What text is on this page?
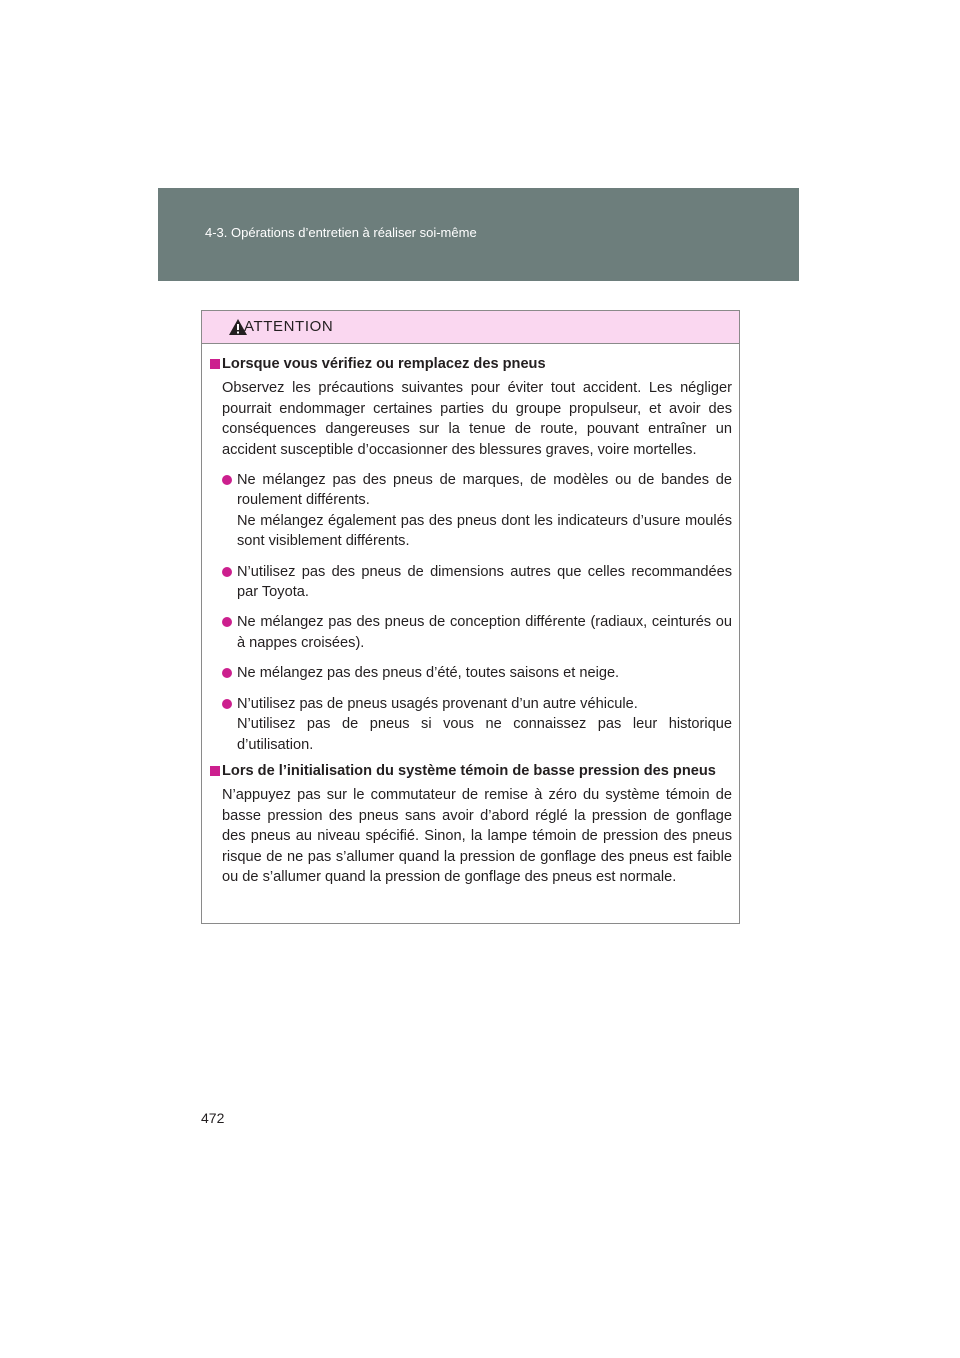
4-3. Opérations d’entretien à réaliser soi-même
ATTENTION
Lorsque vous vérifiez ou remplacez des pneus
Observez les précautions suivantes pour éviter tout accident. Les négliger pourrait endommager certaines parties du groupe propulseur, et avoir des conséquences dangereuses sur la tenue de route, pouvant entraîner un accident susceptible d’occasionner des blessures graves, voire mortelles.
Ne mélangez pas des pneus de marques, de modèles ou de bandes de roulement différents.
Ne mélangez également pas des pneus dont les indicateurs d’usure moulés sont visiblement différents.
N’utilisez pas des pneus de dimensions autres que celles recommandées par Toyota.
Ne mélangez pas des pneus de conception différente (radiaux, ceinturés ou à nappes croisées).
Ne mélangez pas des pneus d’été, toutes saisons et neige.
N’utilisez pas de pneus usagés provenant d’un autre véhicule.
N’utilisez pas de pneus si vous ne connaissez pas leur historique d’utilisation.
Lors de l’initialisation du système témoin de basse pression des pneus
N’appuyez pas sur le commutateur de remise à zéro du système témoin de basse pression des pneus sans avoir d’abord réglé la pression de gonflage des pneus au niveau spécifié. Sinon, la lampe témoin de pression des pneus risque de ne pas s’allumer quand la pression de gonflage des pneus est faible ou de s’allumer quand la pression de gonflage des pneus est normale.
472
